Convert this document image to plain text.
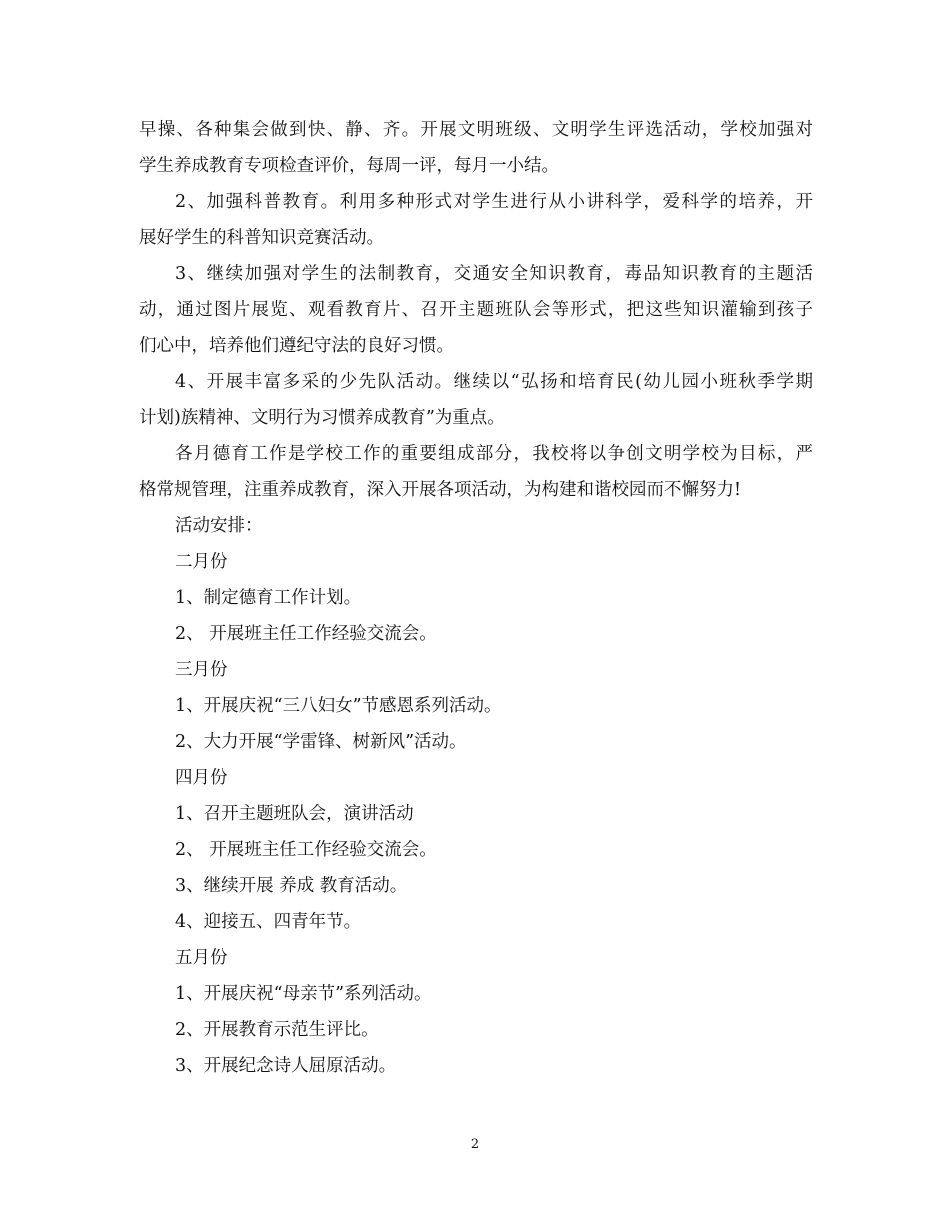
早操、各种集会做到快、静、齐。开展文明班级、文明学生评选活动，学校加强对
学生养成教育专项检查评价，每周一评，每月一小结。
2、加强科普教育。利用多种形式对学生进行从小讲科学，爱科学的培养，开
展好学生的科普知识竞赛活动。
3、继续加强对学生的法制教育，交通安全知识教育，毒品知识教育的主题活
动，通过图片展览、观看教育片、召开主题班队会等形式，把这些知识灌输到孩子
们心中，培养他们遵纪守法的良好习惯。
4、开展丰富多采的少先队活动。继续以“弘扬和培育民(幼儿园小班秋季学期
计划)族精神、文明行为习惯养成教育”为重点。
各月德育工作是学校工作的重要组成部分，我校将以争创文明学校为目标，严
格常规管理，注重养成教育，深入开展各项活动，为构建和谐校园而不懈努力!
活动安排：
二月份
1、制定德育工作计划。
2、 开展班主任工作经验交流会。
三月份
1、开展庆祝“三八妇女”节感恩系列活动。
2、大力开展“学雷锋、树新风”活动。
四月份
1、召开主题班队会，演讲活动
2、 开展班主任工作经验交流会。
3、继续开展 养成 教育活动。
4、迎接五、四青年节。
五月份
1、开展庆祝“母亲节”系列活动。
2、开展教育示范生评比。
3、开展纪念诗人屈原活动。
2
